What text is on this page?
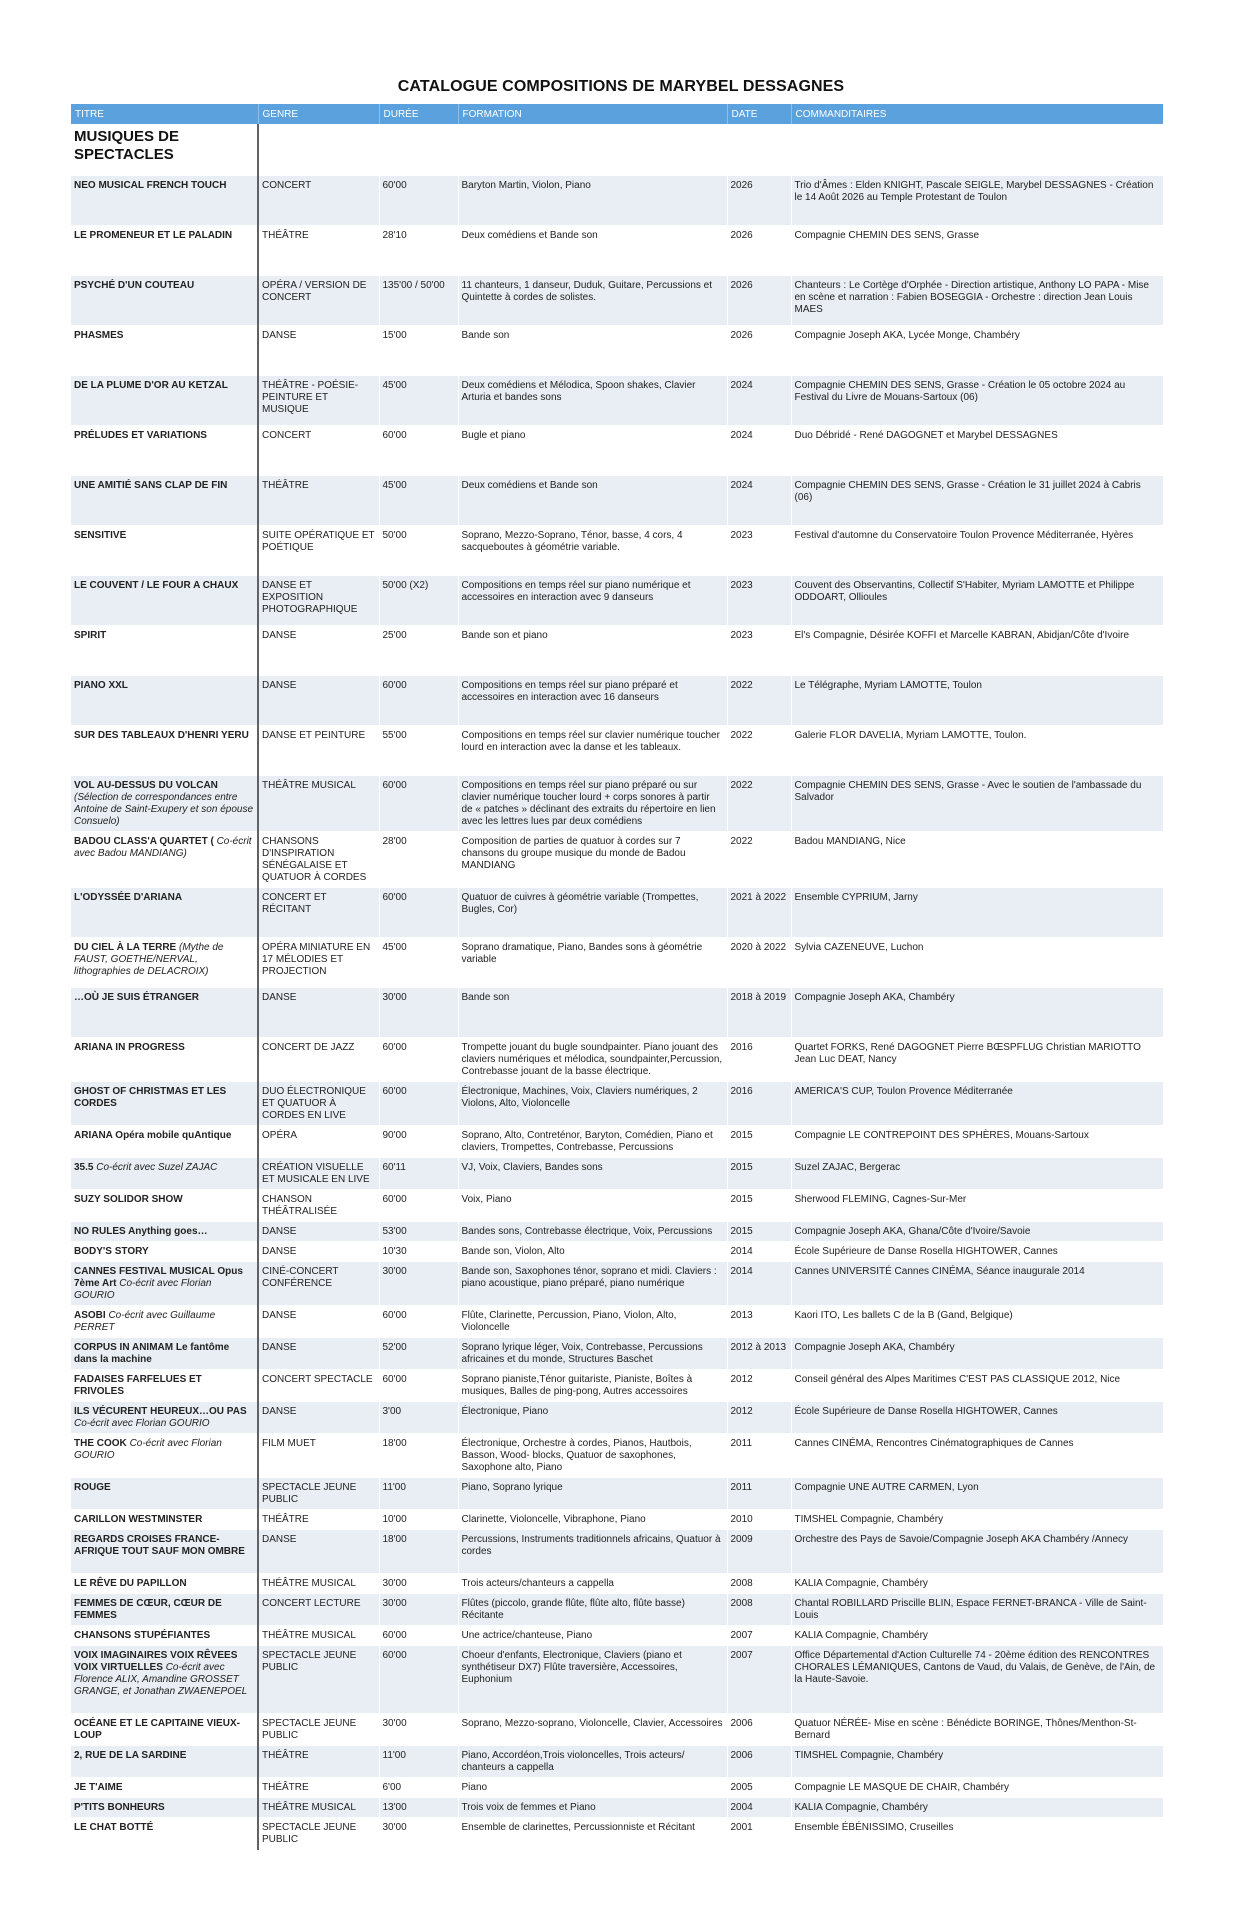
CATALOGUE COMPOSITIONS DE MARYBEL DESSAGNES
TITRE	GENRE	DURÉE	FORMATION	DATE	COMMANDITAIRES
MUSIQUES DE SPECTACLES					
NEO MUSICAL FRENCH TOUCH	CONCERT	60'00	Baryton Martin, Violon, Piano	2026	Trio d'Âmes : Elden KNIGHT, Pascale SEIGLE, Marybel DESSAGNES - Création le 14 Août 2026 au Temple Protestant de Toulon
LE PROMENEUR ET LE PALADIN	THÉÂTRE	28'10	Deux comédiens et Bande son	2026	Compagnie CHEMIN DES SENS, Grasse
PSYCHÉ D'UN COUTEAU	OPÉRA / VERSION DE CONCERT	135'00 / 50'00	11 chanteurs, 1 danseur, Duduk, Guitare, Percussions et Quintette à cordes de solistes.	2026	Chanteurs : Le Cortège d'Orphée - Direction artistique, Anthony LO PAPA - Mise en scène et narration : Fabien BOSEGGIA - Orchestre : direction Jean Louis MAES
PHASMES	DANSE	15'00	Bande son	2026	Compagnie Joseph AKA, Lycée Monge, Chambéry
DE LA PLUME D'OR AU KETZAL	THÉÂTRE - POÉSIE- PEINTURE ET MUSIQUE	45'00	Deux comédiens et Mélodica, Spoon shakes, Clavier Arturia et bandes sons	2024	Compagnie CHEMIN DES SENS, Grasse - Création le 05 octobre 2024 au Festival du Livre de Mouans-Sartoux (06)
PRÉLUDES ET VARIATIONS	CONCERT	60'00	Bugle et piano	2024	Duo Débridé - René DAGOGNET et Marybel DESSAGNES
UNE AMITIÉ SANS CLAP DE FIN	THÉÂTRE	45'00	Deux comédiens et Bande son	2024	Compagnie CHEMIN DES SENS, Grasse - Création le 31 juillet 2024 à Cabris (06)
SENSITIVE	SUITE OPÉRATIQUE ET POÉTIQUE	50'00	Soprano, Mezzo-Soprano, Ténor, basse, 4 cors, 4 sacqueboutes à géométrie variable.	2023	Festival d'automne du Conservatoire Toulon Provence Méditerranée, Hyères
LE COUVENT / LE FOUR A CHAUX	DANSE ET EXPOSITION PHOTOGRAPHIQUE	50'00 (X2)	Compositions en temps réel sur piano numérique et accessoires en interaction avec 9 danseurs	2023	Couvent des Observantins, Collectif S'Habiter, Myriam LAMOTTE et Philippe ODDOART, Ollioules
SPIRIT	DANSE	25'00	Bande son et piano	2023	El's Compagnie, Désirée KOFFI et Marcelle KABRAN, Abidjan/Côte d'Ivoire
PIANO XXL	DANSE	60'00	Compositions en temps réel sur piano préparé et accessoires en interaction avec 16 danseurs	2022	Le Télégraphe, Myriam LAMOTTE, Toulon
SUR DES TABLEAUX D'HENRI YERU	DANSE ET PEINTURE	55'00	Compositions en temps réel sur clavier numérique toucher lourd en interaction avec la danse et les tableaux.	2022	Galerie FLOR DAVELIA, Myriam LAMOTTE, Toulon.
VOL AU-DESSUS DU VOLCAN (Sélection de correspondances entre Antoine de Saint-Exupery et son épouse Consuelo)	THÉÂTRE MUSICAL	60'00	Compositions en temps réel sur piano préparé ou sur clavier numérique toucher lourd + corps sonores à partir de « patches » déclinant des extraits du répertoire en lien avec les lettres lues par deux comédiens	2022	Compagnie CHEMIN DES SENS, Grasse - Avec le soutien de l'ambassade du Salvador
BADOU CLASS'A QUARTET ( Co-écrit avec Badou MANDIANG)	CHANSONS D'INSPIRATION SÉNÉGALAISE ET QUATUOR À CORDES	28'00	Composition de parties de quatuor à cordes sur 7 chansons du groupe musique du monde de Badou MANDIANG	2022	Badou MANDIANG, Nice
L'ODYSSÉE D'ARIANA	CONCERT ET RÉCITANT	60'00	Quatuor de cuivres à géométrie variable (Trompettes, Bugles, Cor)	2021 à 2022	Ensemble CYPRIUM, Jarny
DU CIEL À LA TERRE (Mythe de FAUST, GOETHE/NERVAL, lithographies de DELACROIX)	OPÉRA MINIATURE EN 17 MÉLODIES ET PROJECTION	45'00	Soprano dramatique, Piano, Bandes sons à géométrie variable	2020 à 2022	Sylvia CAZENEUVE, Luchon
…OÙ JE SUIS ÉTRANGER	DANSE	30'00	Bande son	2018 à 2019	Compagnie Joseph AKA, Chambéry
ARIANA IN PROGRESS	CONCERT DE JAZZ	60'00	Trompette jouant du bugle soundpainter. Piano jouant des claviers numériques et mélodica, soundpainter,Percussion, Contrebasse jouant de la basse électrique.	2016	Quartet FORKS, René DAGOGNET Pierre BŒSPFLUG Christian MARIOTTO Jean Luc DEAT, Nancy
GHOST OF CHRISTMAS ET LES CORDES	DUO ÉLECTRONIQUE ET QUATUOR À CORDES EN LIVE	60'00	Électronique, Machines, Voix, Claviers numériques, 2 Violons, Alto, Violoncelle	2016	AMERICA'S CUP, Toulon Provence Méditerranée
ARIANA Opéra mobile quAntique	OPÉRA	90'00	Soprano, Alto, Contreténor, Baryton, Comédien, Piano et claviers, Trompettes, Contrebasse, Percussions	2015	Compagnie LE CONTREPOINT DES SPHÈRES, Mouans-Sartoux
35.5 Co-écrit avec Suzel ZAJAC	CRÉATION VISUELLE ET MUSICALE EN LIVE	60'11	VJ, Voix, Claviers, Bandes sons	2015	Suzel ZAJAC, Bergerac
SUZY SOLIDOR SHOW	CHANSON THÉÂTRALISÉE	60'00	Voix, Piano	2015	Sherwood FLEMING, Cagnes-Sur-Mer
NO RULES Anything goes…	DANSE	53'00	Bandes sons, Contrebasse électrique, Voix, Percussions	2015	Compagnie Joseph AKA, Ghana/Côte d'Ivoire/Savoie
BODY'S STORY	DANSE	10'30	Bande son, Violon, Alto	2014	École Supérieure de Danse Rosella HIGHTOWER, Cannes
CANNES FESTIVAL MUSICAL Opus 7ème Art Co-écrit avec Florian GOURIO	CINÉ-CONCERT CONFÉRENCE	30'00	Bande son, Saxophones ténor, soprano et midi. Claviers : piano acoustique, piano préparé, piano numérique	2014	Cannes UNIVERSITÉ Cannes CINÉMA, Séance inaugurale 2014
ASOBI Co-écrit avec Guillaume PERRET	DANSE	60'00	Flûte, Clarinette, Percussion, Piano, Violon, Alto, Violoncelle	2013	Kaori ITO, Les ballets C de la B (Gand, Belgique)
CORPUS IN ANIMAM Le fantôme dans la machine	DANSE	52'00	Soprano lyrique léger, Voix, Contrebasse, Percussions africaines et du monde, Structures Baschet	2012 à 2013	Compagnie Joseph AKA, Chambéry
FADAISES FARFELUES ET FRIVOLES	CONCERT SPECTACLE	60'00	Soprano pianiste,Ténor guitariste, Pianiste, Boîtes à musiques, Balles de ping-pong, Autres accessoires	2012	Conseil général des Alpes Maritimes C'EST PAS CLASSIQUE 2012, Nice
ILS VÉCURENT HEUREUX…OU PAS Co-écrit avec Florian GOURIO	DANSE	3'00	Électronique, Piano	2012	École Supérieure de Danse Rosella HIGHTOWER, Cannes
THE COOK Co-écrit avec Florian GOURIO	FILM MUET	18'00	Électronique, Orchestre à cordes, Pianos, Hautbois, Basson, Wood- blocks, Quatuor de saxophones, Saxophone alto, Piano	2011	Cannes CINÉMA, Rencontres Cinématographiques de Cannes
ROUGE	SPECTACLE JEUNE PUBLIC	11'00	Piano, Soprano lyrique	2011	Compagnie UNE AUTRE CARMEN, Lyon
CARILLON WESTMINSTER	THÉÂTRE	10'00	Clarinette, Violoncelle, Vibraphone, Piano	2010	TIMSHEL Compagnie, Chambéry
REGARDS CROISES FRANCE-AFRIQUE TOUT SAUF MON OMBRE	DANSE	18'00	Percussions, Instruments traditionnels africains, Quatuor à cordes	2009	Orchestre des Pays de Savoie/Compagnie Joseph AKA Chambéry /Annecy
LE RÊVE DU PAPILLON	THÉÂTRE MUSICAL	30'00	Trois acteurs/chanteurs a cappella	2008	KALIA Compagnie, Chambéry
FEMMES DE CŒUR, CŒUR DE FEMMES	CONCERT LECTURE	30'00	Flûtes (piccolo, grande flûte, flûte alto, flûte basse) Récitante	2008	Chantal ROBILLARD Priscille BLIN, Espace FERNET-BRANCA - Ville de Saint-Louis
CHANSONS STUPÉFIANTES	THÉÂTRE MUSICAL	60'00	Une actrice/chanteuse, Piano	2007	KALIA Compagnie, Chambéry
VOIX IMAGINAIRES VOIX RÊVEES VOIX VIRTUELLES Co-écrit avec Florence ALIX, Amandine GROSSET GRANGE, et Jonathan ZWAENEPOEL	SPECTACLE JEUNE PUBLIC	60'00	Choeur d'enfants, Electronique, Claviers (piano et synthétiseur DX7) Flûte traversière, Accessoires, Euphonium	2007	Office Départemental d'Action Culturelle 74 - 20ème édition des RENCONTRES CHORALES LÉMANIQUES, Cantons de Vaud, du Valais, de Genève, de l'Ain, de la Haute-Savoie.
OCÉANE ET LE CAPITAINE VIEUX-LOUP	SPECTACLE JEUNE PUBLIC	30'00	Soprano, Mezzo-soprano, Violoncelle, Clavier, Accessoires	2006	Quatuor NÉRÉE- Mise en scène : Bénédicte BORINGE, Thônes/Menthon-St-Bernard
2, RUE DE LA SARDINE	THÉÂTRE	11'00	Piano, Accordéon,Trois violoncelles, Trois acteurs/ chanteurs a cappella	2006	TIMSHEL Compagnie, Chambéry
JE T'AIME	THÉÂTRE	6'00	Piano	2005	Compagnie LE MASQUE DE CHAIR, Chambéry
P'TITS BONHEURS	THÉÂTRE MUSICAL	13'00	Trois voix de femmes et Piano	2004	KALIA Compagnie, Chambéry
LE CHAT BOTTÉ	SPECTACLE JEUNE PUBLIC	30'00	Ensemble de clarinettes, Percussionniste et Récitant	2001	Ensemble ÉBÉNISSIMO, Cruseilles
